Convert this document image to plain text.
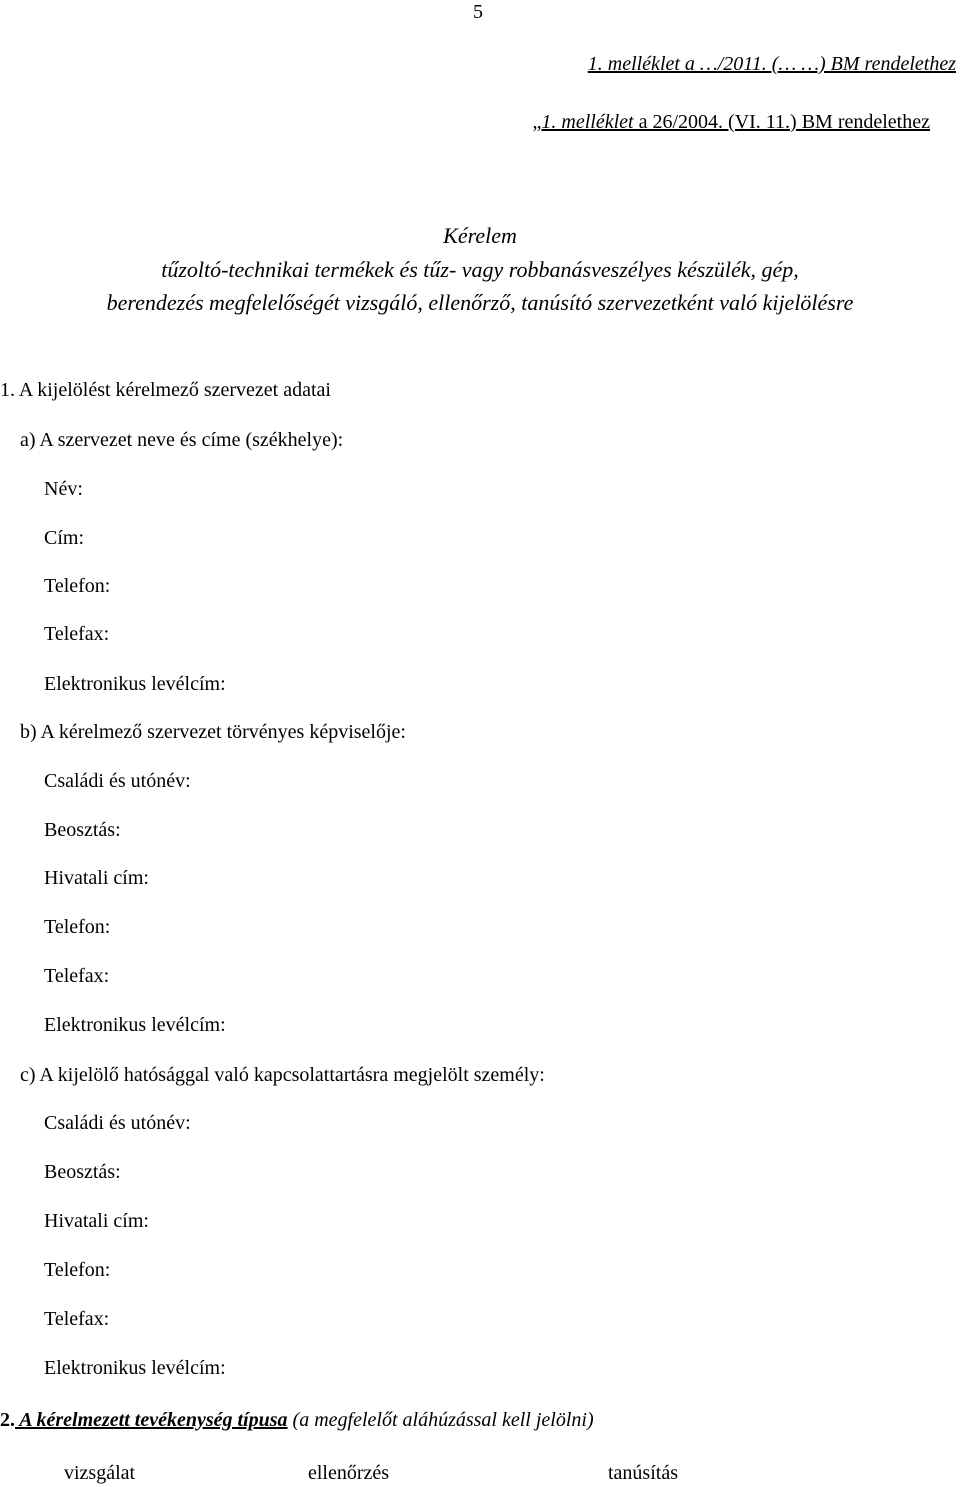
5
1. melléklet a …/2011. (… …) BM rendelethez
„1. melléklet a 26/2004. (VI. 11.) BM rendelethez
Kérelem
tűzoltó-technikai termékek és tűz- vagy robbanásveszélyes készülék, gép,
berendezés megfelelőségét vizsgáló, ellenőrző, tanúsító szervezetként való kijelölésre
1. A kijelölést kérelmező szervezet adatai
a) A szervezet neve és címe (székhelye):
Név:
Cím:
Telefon:
Telefax:
Elektronikus levélcím:
b) A kérelmező szervezet törvényes képviselője:
Családi és utónév:
Beosztás:
Hivatali cím:
Telefon:
Telefax:
Elektronikus levélcím:
c) A kijelölő hatósággal való kapcsolattartásra megjelölt személy:
Családi és utónév:
Beosztás:
Hivatali cím:
Telefon:
Telefax:
Elektronikus levélcím:
2. A kérelmezett tevékenység típusa (a megfelelőt aláhúzással kell jelölni)
vizsgálat	ellenőrzés	tanúsítás
